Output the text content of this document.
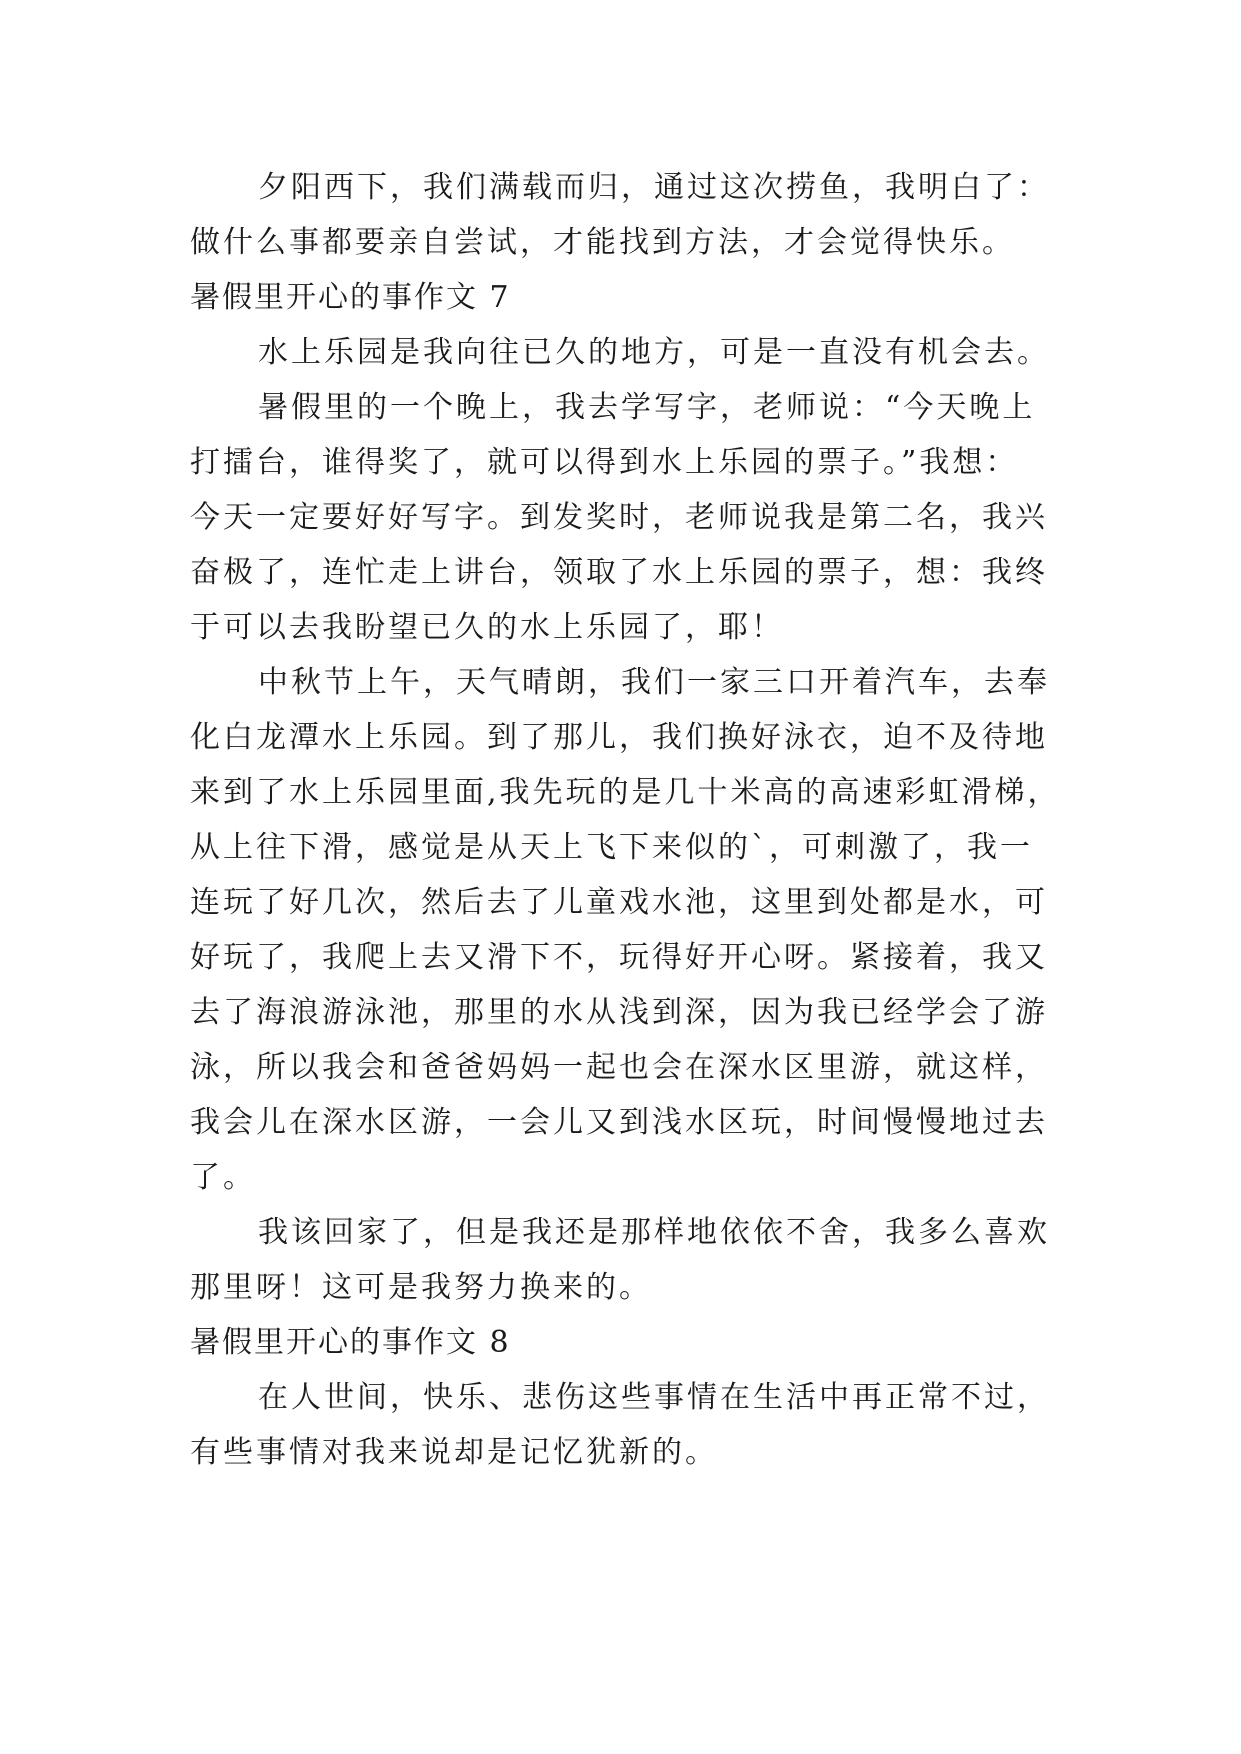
夕阳西下，我们满载而归，通过这次捞鱼，我明白了：
做什么事都要亲自尝试，才能找到方法，才会觉得快乐。
暑假里开心的事作文 7
水上乐园是我向往已久的地方，可是一直没有机会去。
暑假里的一个晚上，我去学写字，老师说：“今天晚上
打擂台，谁得奖了，就可以得到水上乐园的票子。”我想：
今天一定要好好写字。到发奖时，老师说我是第二名，我兴
奋极了，连忙走上讲台，领取了水上乐园的票子，想：我终
于可以去我盼望已久的水上乐园了，耶！
中秋节上午，天气晴朗，我们一家三口开着汽车，去奉
化白龙潭水上乐园。到了那儿，我们换好泳衣，迫不及待地
来到了水上乐园里面,我先玩的是几十米高的高速彩虹滑梯，
从上往下滑，感觉是从天上飞下来似的`，可刺激了，我一
连玩了好几次，然后去了儿童戏水池，这里到处都是水，可
好玩了，我爬上去又滑下不，玩得好开心呀。紧接着，我又
去了海浪游泳池，那里的水从浅到深，因为我已经学会了游
泳，所以我会和爸爸妈妈一起也会在深水区里游，就这样，
我会儿在深水区游，一会儿又到浅水区玩，时间慢慢地过去
了。
我该回家了，但是我还是那样地依依不舍，我多么喜欢
那里呀！这可是我努力换来的。
暑假里开心的事作文 8
在人世间，快乐、悲伤这些事情在生活中再正常不过，
有些事情对我来说却是记忆犹新的。
